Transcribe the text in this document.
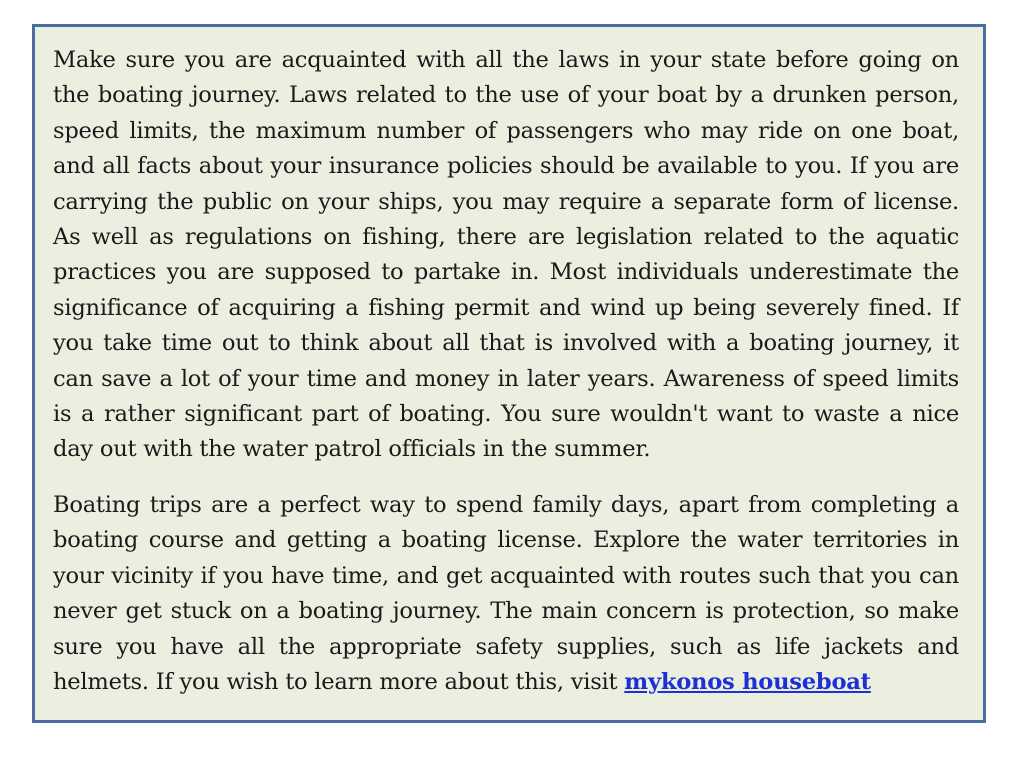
Make sure you are acquainted with all the laws in your state before going on the boating journey. Laws related to the use of your boat by a drunken person, speed limits, the maximum number of passengers who may ride on one boat, and all facts about your insurance policies should be available to you. If you are carrying the public on your ships, you may require a separate form of license. As well as regulations on fishing, there are legislation related to the aquatic practices you are supposed to partake in. Most individuals underestimate the significance of acquiring a fishing permit and wind up being severely fined. If you take time out to think about all that is involved with a boating journey, it can save a lot of your time and money in later years. Awareness of speed limits is a rather significant part of boating. You sure wouldn't want to waste a nice day out with the water patrol officials in the summer.

Boating trips are a perfect way to spend family days, apart from completing a boating course and getting a boating license. Explore the water territories in your vicinity if you have time, and get acquainted with routes such that you can never get stuck on a boating journey. The main concern is protection, so make sure you have all the appropriate safety supplies, such as life jackets and helmets. If you wish to learn more about this, visit mykonos houseboat
